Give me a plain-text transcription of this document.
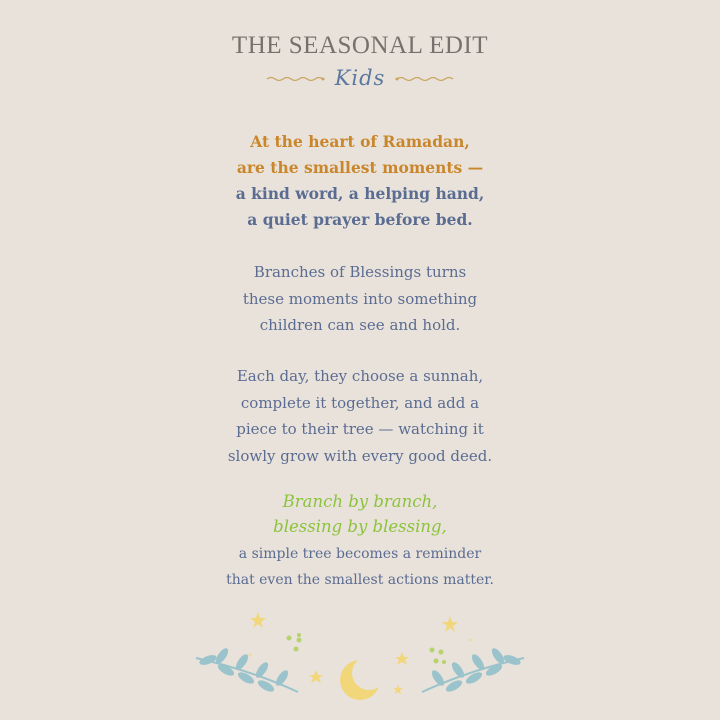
THE SEASONAL EDIT
Kids
At the heart of Ramadan,
are the smallest moments —
a kind word, a helping hand,
a quiet prayer before bed.
Branches of Blessings turns
these moments into something
children can see and hold.
Each day, they choose a sunnah,
complete it together, and add a
piece to their tree — watching it
slowly grow with every good deed.
Branch by branch,
blessing by blessing,
a simple tree becomes a reminder
that even the smallest actions matter.
